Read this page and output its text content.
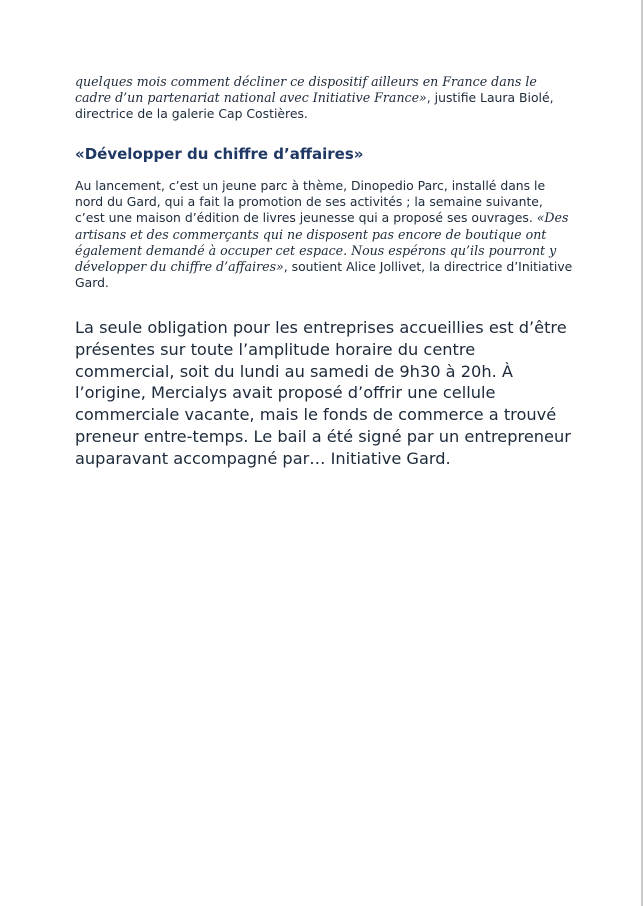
quelques mois comment décliner ce dispositif ailleurs en France dans le cadre d’un partenariat national avec Initiative France», justifie Laura Biolé, directrice de la galerie Cap Costières.

«Développer du chiffre d’affaires»

Au lancement, c’est un jeune parc à thème, Dinopedio Parc, installé dans le nord du Gard, qui a fait la promotion de ses activités ; la semaine suivante, c’est une maison d’édition de livres jeunesse qui a proposé ses ouvrages. «Des artisans et des commerçants qui ne disposent pas encore de boutique ont également demandé à occuper cet espace. Nous espérons qu’ils pourront y développer du chiffre d’affaires», soutient Alice Jollivet, la directrice d’Initiative Gard.

La seule obligation pour les entreprises accueillies est d’être présentes sur toute l’amplitude horaire du centre commercial, soit du lundi au samedi de 9h30 à 20h. À l’origine, Mercialys avait proposé d’offrir une cellule commerciale vacante, mais le fonds de commerce a trouvé preneur entre-temps. Le bail a été signé par un entrepreneur auparavant accompagné par… Initiative Gard.
